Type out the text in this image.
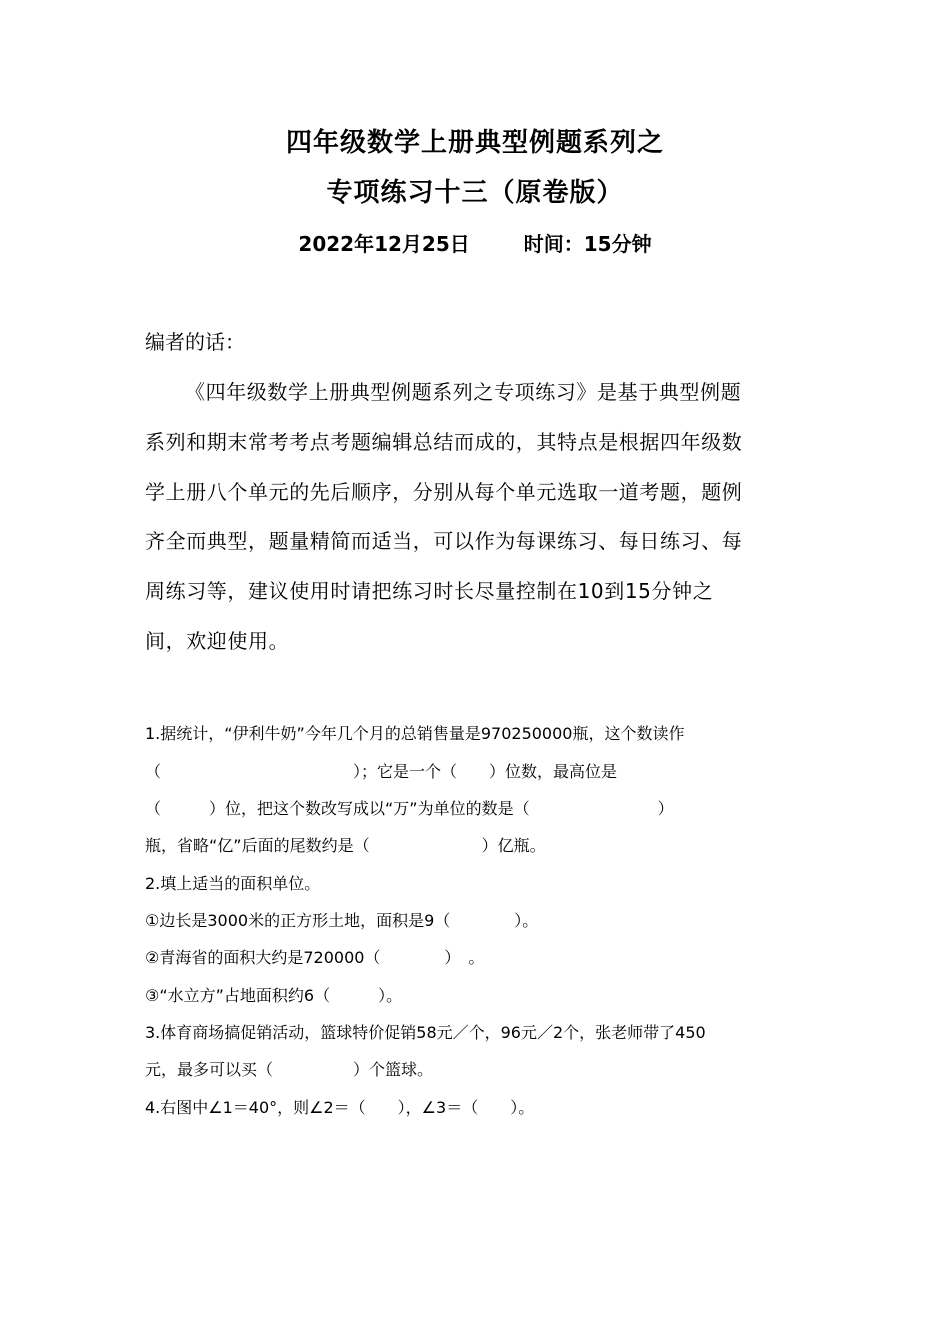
四年级数学上册典型例题系列之
专项练习十三（原卷版）
2022年12月25日	时间：15分钟
编者的话：
《四年级数学上册典型例题系列之专项练习》是基于典型例题
系列和期末常考考点考题编辑总结而成的，其特点是根据四年级数
学上册八个单元的先后顺序，分别从每个单元选取一道考题，题例
齐全而典型，题量精简而适当，可以作为每课练习、每日练习、每
周练习等，建议使用时请把练习时长尽量控制在10到15分钟之
间，欢迎使用。
1.据统计，“伊利牛奶”今年几个月的总销售量是970250000瓶，这个数读作
（　　　　　　　　　　　　）；它是一个（　　）位数，最高位是
（　　　）位，把这个数改写成以“万”为单位的数是（　　　　　　　　）
瓶，省略“亿”后面的尾数约是（　　　　　　　）亿瓶。
2.填上适当的面积单位。
①边长是3000米的正方形土地，面积是9（　　　　）。
②青海省的面积大约是720000（　　　　）　。
③“水立方”占地面积约6（　　　）。
3.体育商场搞促销活动，篮球特价促销58元／个，96元／2个，张老师带了450
元，最多可以买（　　　　　）个篮球。
4.右图中∠1＝40°，则∠2＝（　　），∠3＝（　　）。
